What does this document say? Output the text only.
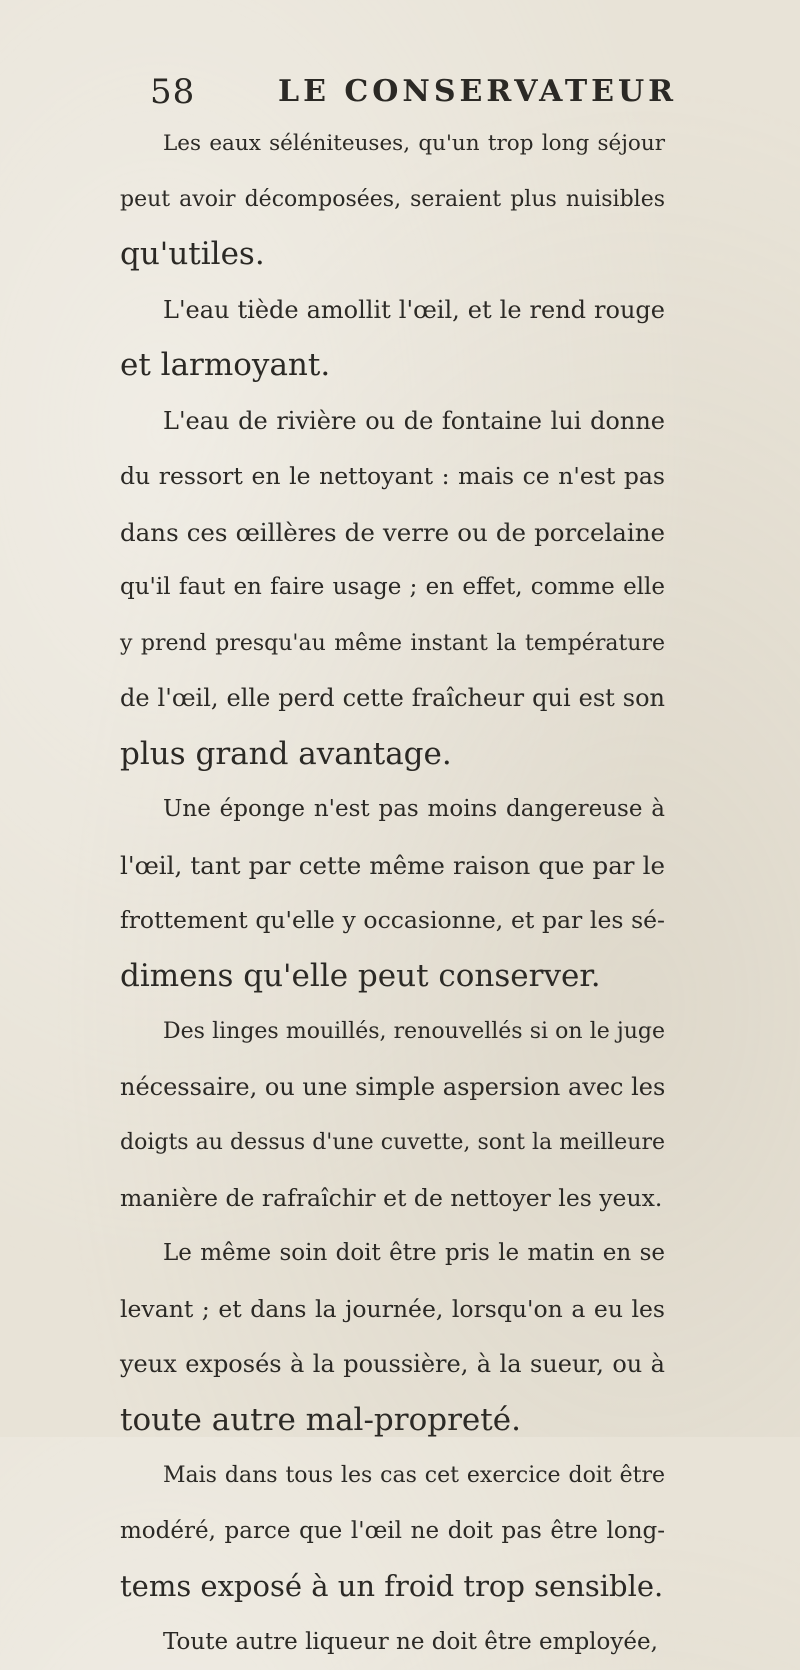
58	LE CONSERVATEUR
Les eaux séléniteuses, qu'un trop long séjour
peut avoir décomposées, seraient plus nuisibles
qu'utiles.
L'eau tiède amollit l'œil, et le rend rouge
et larmoyant.
L'eau de rivière ou de fontaine lui donne
du ressort en le nettoyant : mais ce n'est pas
dans ces œillères de verre ou de porcelaine
qu'il faut en faire usage ; en effet, comme elle
y prend presqu'au même instant la température
de l'œil, elle perd cette fraîcheur qui est son
plus grand avantage.
Une éponge n'est pas moins dangereuse à
l'œil, tant par cette même raison que par le
frottement qu'elle y occasionne, et par les sé-
dimens qu'elle peut conserver.
Des linges mouillés, renouvellés si on le juge
nécessaire, ou une simple aspersion avec les
doigts au dessus d'une cuvette, sont la meilleure
manière de rafraîchir et de nettoyer les yeux.
Le même soin doit être pris le matin en se
levant ; et dans la journée, lorsqu'on a eu les
yeux exposés à la poussière, à la sueur, ou à
toute autre mal-propreté.
Mais dans tous les cas cet exercice doit être
modéré, parce que l'œil ne doit pas être long-
tems exposé à un froid trop sensible.
Toute autre liqueur ne doit être employée,
